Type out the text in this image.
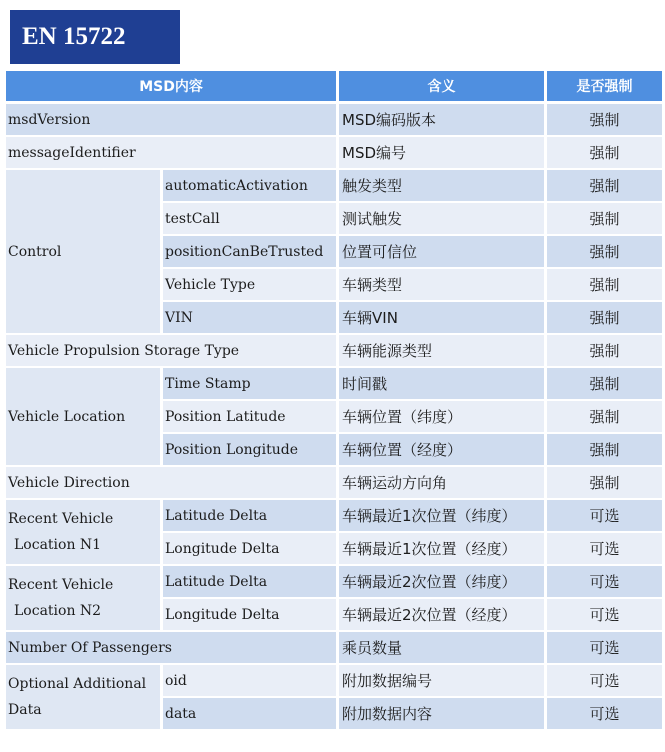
EN 15722
MSD内容		含义	是否强制
msdVersion		MSD编码版本	强制
messageIdentifier		MSD编号	强制
Control	automaticActivation	触发类型	强制
	testCall	测试触发	强制
	positionCanBeTrusted	位置可信位	强制
	Vehicle Type	车辆类型	强制
	VIN	车辆VIN	强制
Vehicle Propulsion Storage Type		车辆能源类型	强制
Vehicle Location	Time Stamp	时间戳	强制
	Position Latitude	车辆位置（纬度）	强制
	Position Longitude	车辆位置（经度）	强制
Vehicle Direction		车辆运动方向角	强制

Recent Vehicle
Location N1	Latitude Delta	车辆最近1次位置（纬度）	可选
	Longitude Delta	车辆最近1次位置（经度）	可选

Recent Vehicle
Location N2	Latitude Delta	车辆最近2次位置（纬度）	可选
	Longitude Delta	车辆最近2次位置（经度）	可选
Number Of Passengers		乘员数量	可选

Optional Additional
Data	oid	附加数据编号	可选
	data	附加数据内容	可选
